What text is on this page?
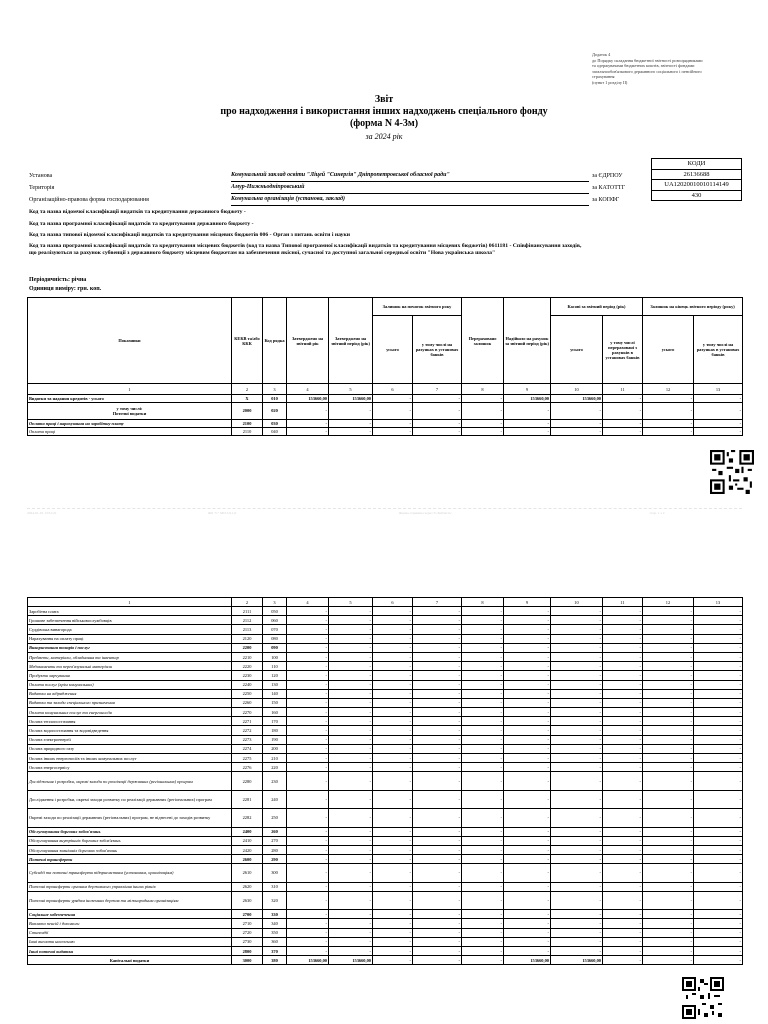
Додаток 4
до Порядку складання бюджетної звітності розпорядниками
та одержувачами бюджетних коштів, звітності фондами
загальнообов'язкового державного соціального і пенсійного
страхування
(пункт 1 розділу II)
Звіт
про надходження і використання інших надходжень спеціального фонду
(форма N 4-3м)
за 2024 рік
КОДИ
26136688
UA12020010010114149
430
Установа	Комунальний заклад освіти "Ліцей "Синергія" Дніпропетровської обласної ради"	за ЄДРПОУ
Територія	Амур-Нижньодніпровський	за КАТОТТГ
Організаційно-правова форма господарювання	Комунальна організація (установа, заклад)	за КОПФГ
Код та назва відомчої класифікації видатків та кредитування державного бюджету -
Код та назва програмної класифікації видатків та кредитування державного бюджету -
Код та назва типової відомчої класифікації видатків та кредитування місцевих бюджетів 006 - Орган з питань освіти і науки
Код та назва програмної класифікації видатків та кредитування місцевих бюджетів (код та назва Типової програмної класифікації видатків та кредитування місцевих бюджетів) 0611181 - Співфінансування заходів, що реалізуються за рахунок субвенції з державного бюджету місцевим бюджетам на забезпечення якісної, сучасної та доступної загальної середньої освіти "Нова українська школа"
Періодичність: річна
Одиниця виміру: грн. коп.
Показники	КЕКВ та/або ККК	Код рядка	Затверджено на звітний рік	Затверджено на звітний період (рік)	Залишок на початок звітного року		Перераховано залишок	Надійшло на рахунок за звітний період (рік)	Касові за звітний період (рік)		Залишок на кінець звітного періоду (року)	
					усього	у тому числі на рахунках в установах банків			усього	у тому числі перераховані з рахунків в установах банків	усього	у тому числі на рахунках в установах банків
1	2	3	4	5	6	7	8	9	10	11	12	13
Видатки та надання кредитів - усього	X	010	153660,00	153660,00	-	-	-	153660,00	153660,00	-	-	-
у тому числі:
Поточні видатки	2000	020	-	-	-	-	-	-	-	-	-	-
Оплата праці і нарахування на заробітну плату	2100	030	-	-	-	-	-	-	-	-	-	-
Оплата праці	2110	040	-	-	-	-	-	-	-	-	-	-
2024-01-01 13:31:21	ФО "С" МО 5.9.1.0	Форма отримана через 'Є-Звітність'	стор. 1 з 2
1	2	3	4	5	6	7	8	9	10	11	12	13
Заробітна плата	2111	050	-	-	-	-	-	-	-	-	-	-
Грошове забезпечення військовослужбовців	2112	060	-	-	-	-	-	-	-	-	-	-
Суддівська винагорода	2113	070	-	-	-	-	-	-	-	-	-	-
Нарахування на оплату праці	2120	080	-	-	-	-	-	-	-	-	-	-
Використання товарів і послуг	2200	090	-	-	-	-	-	-	-	-	-	-
Предмети, матеріали, обладнання та інвентар	2210	100	-	-	-	-	-	-	-	-	-	-
Медикаменти та перев'язувальні матеріали	2220	110	-	-	-	-	-	-	-	-	-	-
Продукти харчування	2230	120	-	-	-	-	-	-	-	-	-	-
Оплата послуг (крім комунальних)	2240	130	-	-	-	-	-	-	-	-	-	-
Видатки на відрядження	2250	140	-	-	-	-	-	-	-	-	-	-
Видатки та заходи спеціального призначення	2260	150	-	-	-	-	-	-	-	-	-	-
Оплата комунальних послуг та енергоносіїв	2270	160	-	-	-	-	-	-	-	-	-	-
Оплата теплопостачання	2271	170	-	-	-	-	-	-	-	-	-	-
Оплата водопостачання та водовідведення	2272	180	-	-	-	-	-	-	-	-	-	-
Оплата електроенергії	2273	190	-	-	-	-	-	-	-	-	-	-
Оплата природного газу	2274	200	-	-	-	-	-	-	-	-	-	-
Оплата інших енергоносіїв та інших комунальних послуг	2275	210	-	-	-	-	-	-	-	-	-	-
Оплата енергосервісу	2276	220	-	-	-	-	-	-	-	-	-	-
Дослідження і розробки, окремі заходи по реалізації державних (регіональних) програм	2280	230	-	-	-	-	-	-	-	-	-	-
Дослідження і розробки, окремі заходи розвитку по реалізації державних (регіональних) програм	2281	240	-	-	-	-	-	-	-	-	-	-
Окремі заходи по реалізації державних (регіональних) програм, не віднесені до заходів розвитку	2282	250	-	-	-	-	-	-	-	-	-	-
Обслуговування боргових зобов'язань	2400	260	-	-	-	-	-	-	-	-	-	-
Обслуговування внутрішніх боргових зобов'язань	2410	270	-	-	-	-	-	-	-	-	-	-
Обслуговування зовнішніх боргових зобов'язань	2420	280	-	-	-	-	-	-	-	-	-	-
Поточні трансферти	2600	290	-	-	-	-	-	-	-	-	-	-
Субсидії та поточні трансферти підприємствам (установам, організаціям)	2610	300	-	-	-	-	-	-	-	-	-	-
Поточні трансферти органам державного управління інших рівнів	2620	310	-	-	-	-	-	-	-	-	-	-
Поточні трансферти урядам іноземних держав та міжнародним організаціям	2630	320	-	-	-	-	-	-	-	-	-	-
Соціальне забезпечення	2700	330	-	-	-	-	-	-	-	-	-	-
Виплата пенсій і допомоги	2710	340	-	-	-	-	-	-	-	-	-	-
Стипендії	2720	350	-	-	-	-	-	-	-	-	-	-
Інші виплати населенню	2730	360	-	-	-	-	-	-	-	-	-	-
Інші поточні видатки	2800	370	-	-	-	-	-	-	-	-	-	-
Капітальні видатки	3000	380	153660,00	153660,00	-	-	-	153660,00	153660,00	-	-	-
